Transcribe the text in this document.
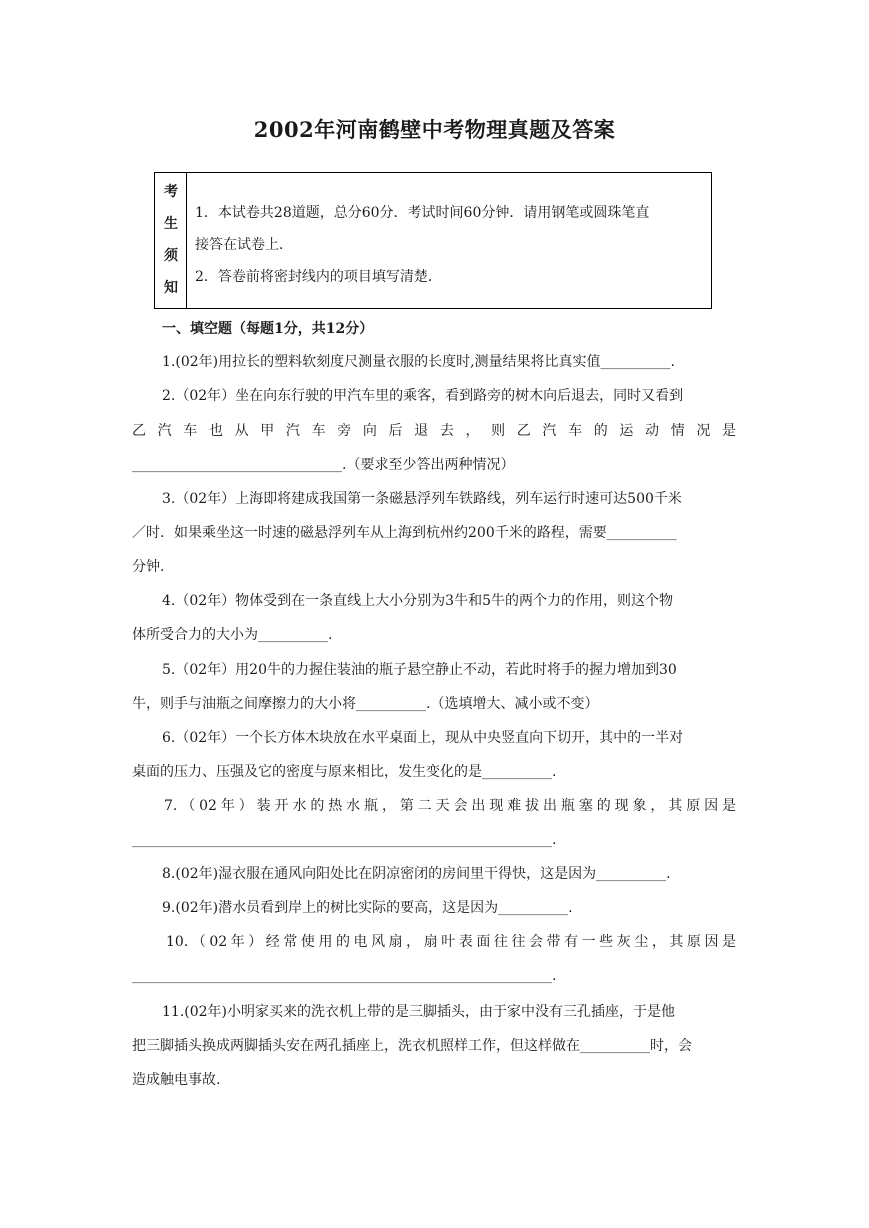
2002年河南鹤壁中考物理真题及答案
考
生
须
知
1．本试卷共28道题，总分60分．考试时间60分钟．请用钢笔或圆珠笔直
接答在试卷上．
2．答卷前将密封线内的项目填写清楚．
一、填空题（每题1分，共12分）
1.(02年)用拉长的塑料软刻度尺测量衣服的长度时,测量结果将比真实值__________.
2.（02年）坐在向东行驶的甲汽车里的乘客，看到路旁的树木向后退去，同时又看到
乙汽车也从甲汽车旁向后退去，则乙汽车的运动情况是
______________________________.（要求至少答出两种情况）
3.（02年）上海即将建成我国第一条磁悬浮列车铁路线，列车运行时速可达500千米
／时．如果乘坐这一时速的磁悬浮列车从上海到杭州约200千米的路程，需要__________
分钟．
4.（02年）物体受到在一条直线上大小分别为3牛和5牛的两个力的作用，则这个物
体所受合力的大小为__________.
5.（02年）用20牛的力握住装油的瓶子悬空静止不动，若此时将手的握力增加到30
牛，则手与油瓶之间摩擦力的大小将__________.（选填增大、减小或不变）
6.（02年）一个长方体木块放在水平桌面上，现从中央竖直向下切开，其中的一半对
桌面的压力、压强及它的密度与原来相比，发生变化的是__________.
7.（02年）装开水的热水瓶，第二天会出现难拔出瓶塞的现象，其原因是
____________________________________________________________.
8.(02年)湿衣服在通风向阳处比在阴凉密闭的房间里干得快，这是因为__________.
9.(02年)潜水员看到岸上的树比实际的要高，这是因为__________.
10.（02年）经常使用的电风扇，扇叶表面往往会带有一些灰尘，其原因是
____________________________________________________________.
11.(02年)小明家买来的洗衣机上带的是三脚插头，由于家中没有三孔插座，于是他
把三脚插头换成两脚插头安在两孔插座上，洗衣机照样工作，但这样做在__________时，会
造成触电事故.
